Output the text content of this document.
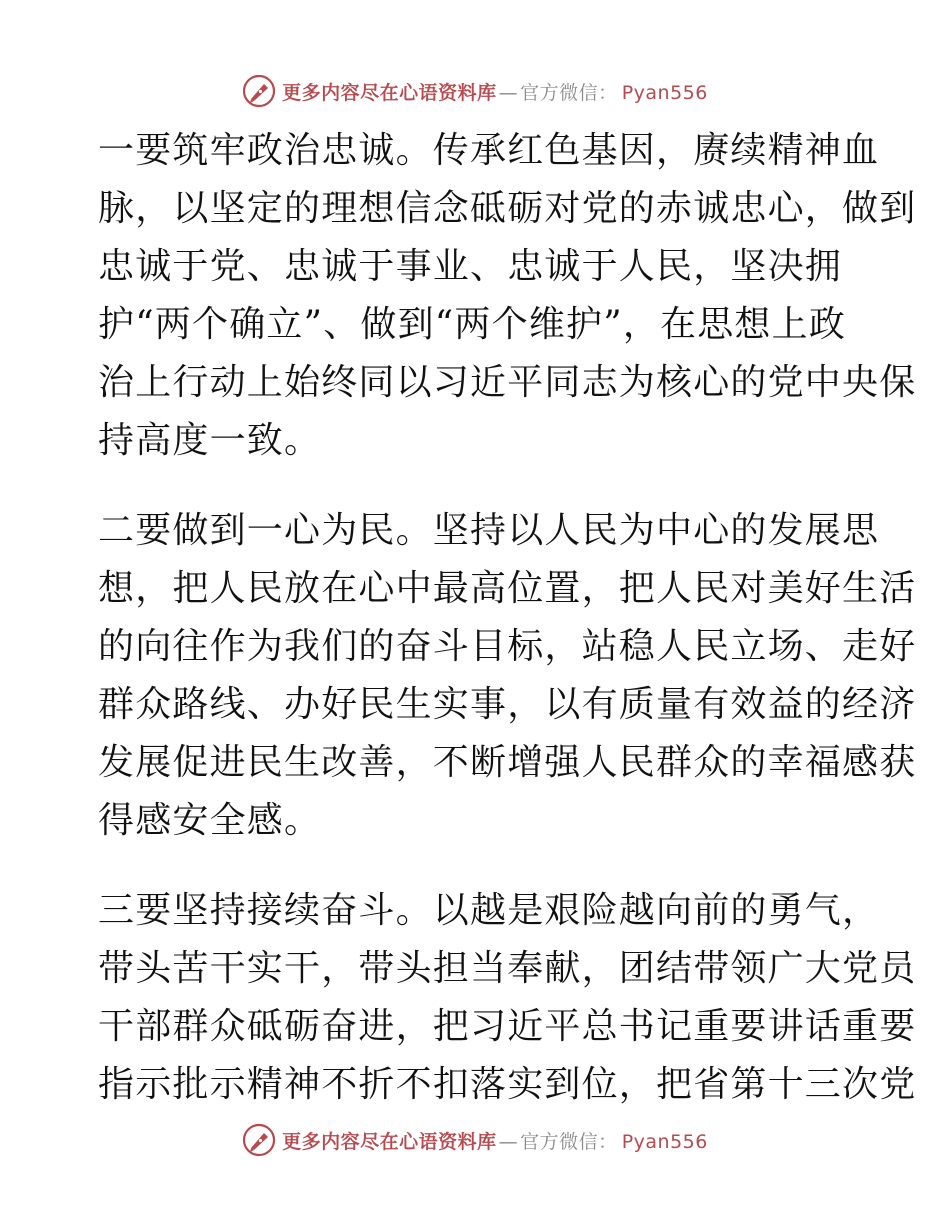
更多内容尽在心语资料库 — 官方微信： Pyan556

一要筑牢政治忠诚。传承红色基因，赓续精神血
脉，以坚定的理想信念砥砺对党的赤诚忠心，做到
忠诚于党、忠诚于事业、忠诚于人民，坚决拥
护“两个确立”、做到“两个维护”，在思想上政
治上行动上始终同以习近平同志为核心的党中央保
持高度一致。

二要做到一心为民。坚持以人民为中心的发展思
想，把人民放在心中最高位置，把人民对美好生活
的向往作为我们的奋斗目标，站稳人民立场、走好
群众路线、办好民生实事，以有质量有效益的经济
发展促进民生改善，不断增强人民群众的幸福感获
得感安全感。

三要坚持接续奋斗。以越是艰险越向前的勇气，
带头苦干实干，带头担当奉献，团结带领广大党员
干部群众砥砺奋进，把习近平总书记重要讲话重要
指示批示精神不折不扣落实到位，把省第十三次党

更多内容尽在心语资料库 — 官方微信： Pyan556
